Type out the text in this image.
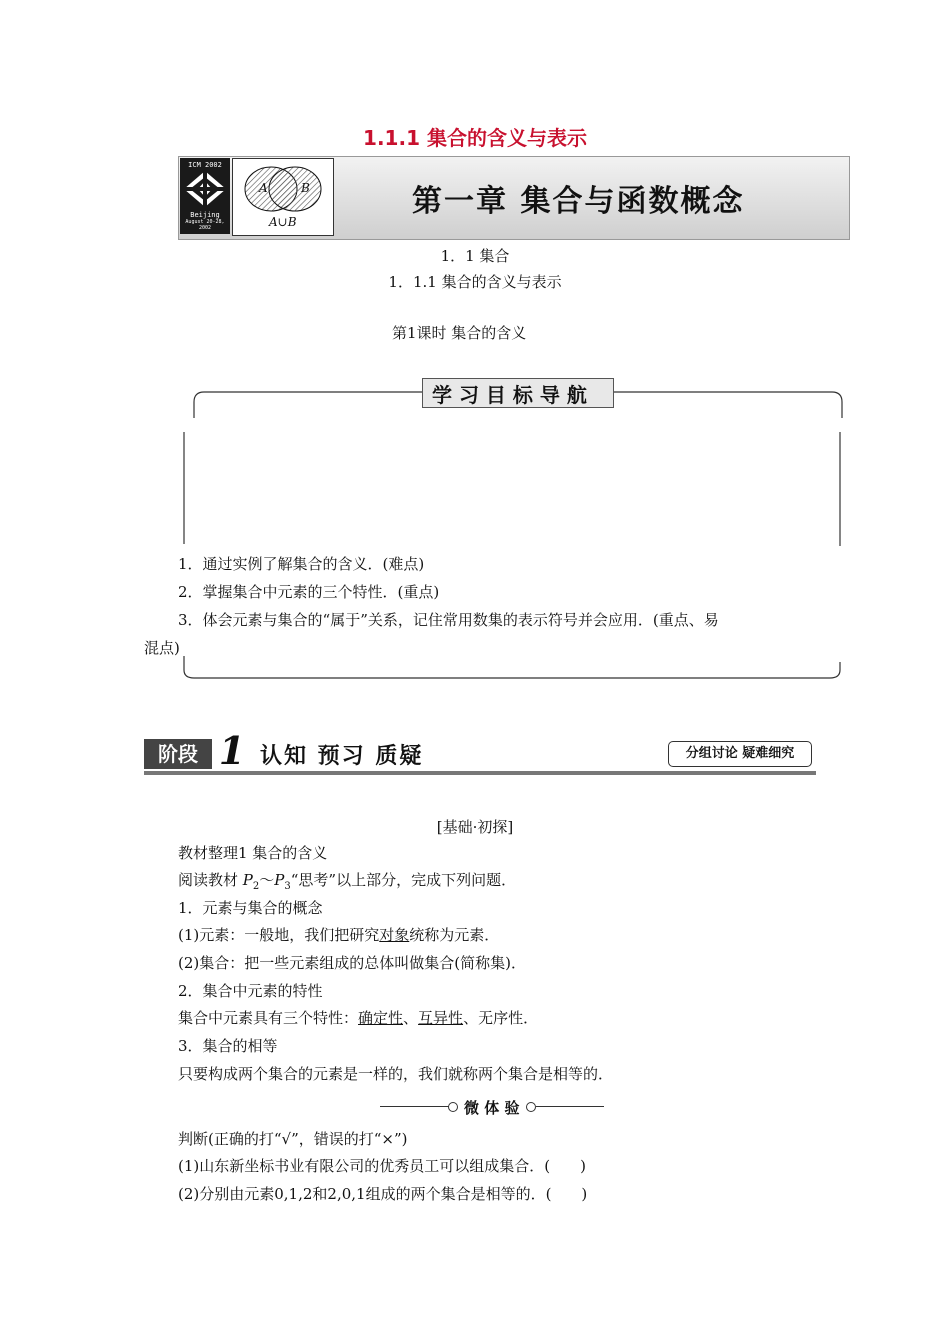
1.1.1 集合的含义与表示
ICM 2002
Beijing
August 20-28, 2002
A	B
A∪B
第一章 集合与函数概念
1．1 集合
1．1.1 集合的含义与表示
第1课时 集合的含义
学 习 目 标 导 航
1．通过实例了解集合的含义．(难点)
2．掌握集合中元素的三个特性．(重点)
3．体会元素与集合的“属于”关系，记住常用数集的表示符号并会应用．(重点、易
混点)
阶段 1 认知 预习 质疑	分组讨论 疑难细究
[基础·初探]
教材整理1 集合的含义
阅读教材 $P_2\sim P_3“$思考”以上部分，完成下列问题．
1．元素与集合的概念
(1)元素：一般地，我们把研究对象统称为元素．
(2)集合：把一些元素组成的总体叫做集合(简称集)．
2．集合中元素的特性
集合中元素具有三个特性：确定性、互异性、无序性．
3．集合的相等
只要构成两个集合的元素是一样的，我们就称两个集合是相等的．
微 体 验
判断(正确的打“√”，错误的打“×”)
(1)山东新坐标书业有限公司的优秀员工可以组成集合．(　　)
(2)分别由元素0,1,2和2,0,1组成的两个集合是相等的．(　　)
